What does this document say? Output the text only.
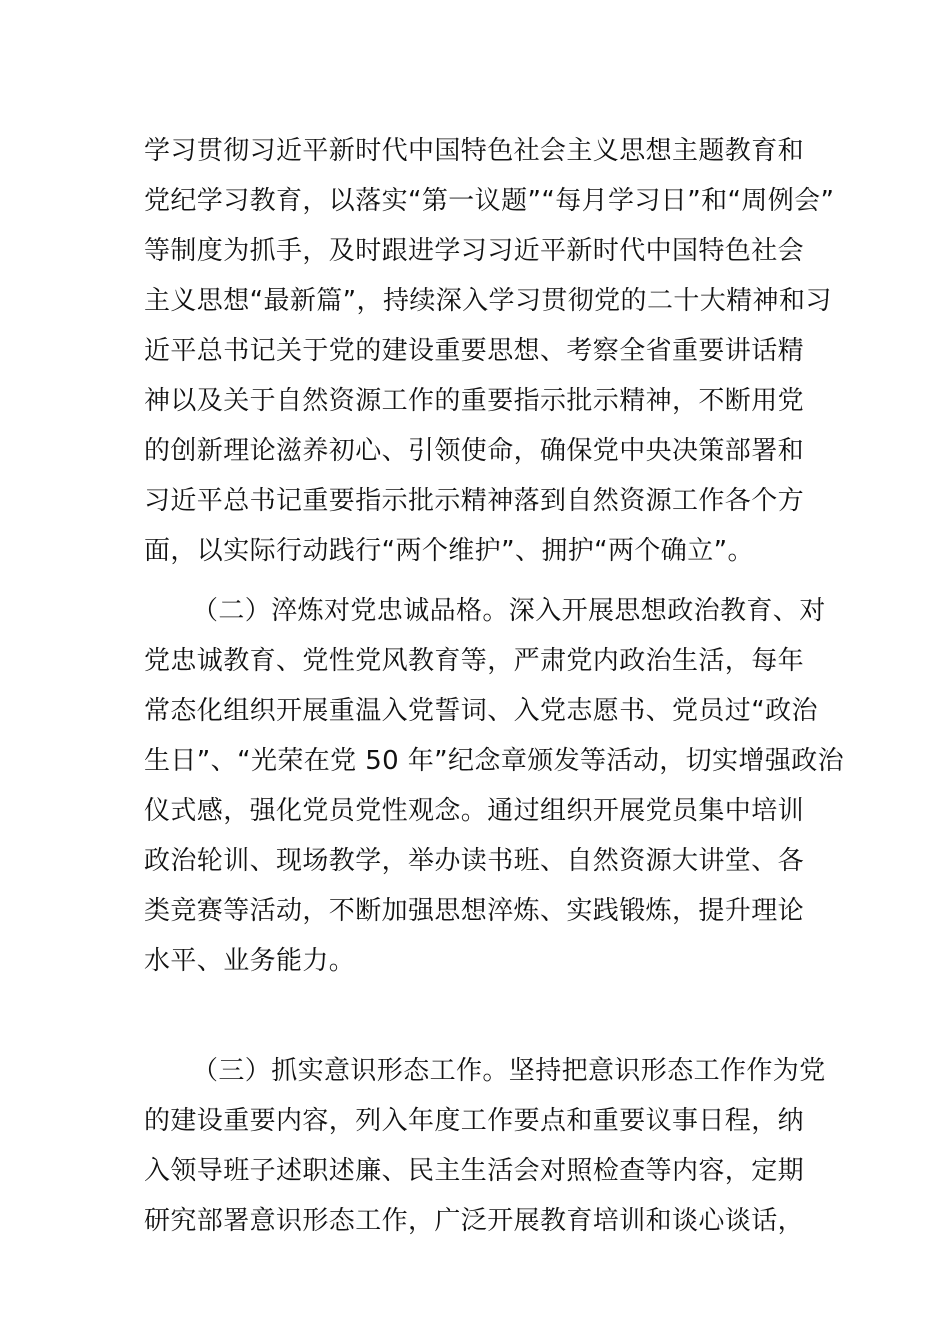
学习贯彻习近平新时代中国特色社会主义思想主题教育和
党纪学习教育，以落实“第一议题”“每月学习日”和“周例会”
等制度为抓手，及时跟进学习习近平新时代中国特色社会
主义思想“最新篇”，持续深入学习贯彻党的二十大精神和习
近平总书记关于党的建设重要思想、考察全省重要讲话精
神以及关于自然资源工作的重要指示批示精神，不断用党
的创新理论滋养初心、引领使命，确保党中央决策部署和
习近平总书记重要指示批示精神落到自然资源工作各个方
面，以实际行动践行“两个维护”、拥护“两个确立”。
（二）淬炼对党忠诚品格。深入开展思想政治教育、对
党忠诚教育、党性党风教育等，严肃党内政治生活，每年
常态化组织开展重温入党誓词、入党志愿书、党员过“政治
生日”、“光荣在党 50 年”纪念章颁发等活动，切实增强政治
仪式感，强化党员党性观念。通过组织开展党员集中培训
政治轮训、现场教学，举办读书班、自然资源大讲堂、各
类竞赛等活动，不断加强思想淬炼、实践锻炼，提升理论
水平、业务能力。
（三）抓实意识形态工作。坚持把意识形态工作作为党
的建设重要内容，列入年度工作要点和重要议事日程，纳
入领导班子述职述廉、民主生活会对照检查等内容，定期
研究部署意识形态工作，广泛开展教育培训和谈心谈话，
